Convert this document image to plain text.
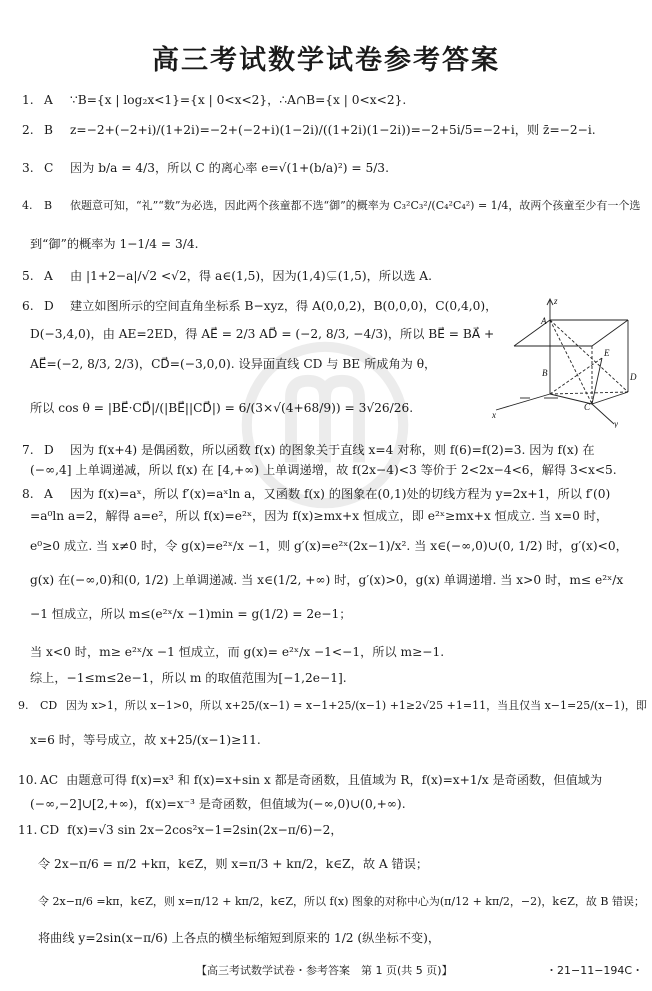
高三考试数学试卷参考答案
1. A ∵B={x | log₂x<1}={x | 0<x<2}，∴A∩B={x | 0<x<2}.
2. B z=−2+(−2+i)/(1+2i)=−2+(−2+i)(1−2i)/((1+2i)(1−2i))=−2+5i/5=−2+i，则 z̄=−2−i.
3. C 因为 b/a = 4/3，所以 C 的离心率 e=√(1+(b/a)²) = 5/3.
4. B 依题意可知，“礼”“数”为必选，因此两个孩童都不选“御”的概率为 C₃²C₃²/(C₄²C₄²) = 1/4，故两个孩童至少有一个选
到“御”的概率为 1−1/4 = 3/4.
5. A 由 |1+2−a|/√2 <√2，得 a∈(1,5)，因为(1,4)⊊(1,5)，所以选 A.
6. D 建立如图所示的空间直角坐标系 B−xyz，得 A(0,0,2)，B(0,0,0)，C(0,4,0)，
D(−3,4,0)，由 AE=2ED，得 AE⃗ = 2/3 AD⃗ = (−2, 8/3, −4/3)，所以 BE⃗ = BA⃗ +
AE⃗=(−2, 8/3, 2/3)，CD⃗=(−3,0,0). 设异面直线 CD 与 BE 所成角为 θ，
所以 cos θ = |BE⃗·CD⃗|/(|BE⃗||CD⃗|) = 6/(3×√(4+68/9)) = 3√26/26.
7. D 因为 f(x+4) 是偶函数，所以函数 f(x) 的图象关于直线 x=4 对称，则 f(6)=f(2)=3. 因为 f(x) 在
(−∞,4] 上单调递减，所以 f(x) 在 [4,+∞) 上单调递增，故 f(2x−4)<3 等价于 2<2x−4<6，解得 3<x<5.
8. A 因为 f(x)=aˣ，所以 f′(x)=aˣln a，又函数 f(x) 的图象在(0,1)处的切线方程为 y=2x+1，所以 f′(0)
=a⁰ln a=2，解得 a=e²，所以 f(x)=e²ˣ，因为 f(x)≥mx+x 恒成立，即 e²ˣ≥mx+x 恒成立. 当 x=0 时，
e⁰≥0 成立. 当 x≠0 时，令 g(x)=e²ˣ/x −1，则 g′(x)=e²ˣ(2x−1)/x². 当 x∈(−∞,0)∪(0, 1/2) 时，g′(x)<0，
g(x) 在(−∞,0)和(0, 1/2) 上单调递减. 当 x∈(1/2, +∞) 时，g′(x)>0，g(x) 单调递增. 当 x>0 时，m≤ e²ˣ/x
−1 恒成立，所以 m≤(e²ˣ/x −1)min = g(1/2) = 2e−1；
当 x<0 时，m≥ e²ˣ/x −1 恒成立，而 g(x)= e²ˣ/x −1<−1，所以 m≥−1.
综上，−1≤m≤2e−1，所以 m 的取值范围为[−1,2e−1].
9. CD 因为 x>1，所以 x−1>0，所以 x+25/(x−1) = x−1+25/(x−1) +1≥2√25 +1=11，当且仅当 x−1=25/(x−1)，即
x=6 时，等号成立，故 x+25/(x−1)≥11.
10. AC 由题意可得 f(x)=x³ 和 f(x)=x+sin x 都是奇函数，且值域为 R，f(x)=x+1/x 是奇函数，但值域为
(−∞,−2]∪[2,+∞)，f(x)=x⁻³ 是奇函数，但值域为(−∞,0)∪(0,+∞).
11. CD f(x)=√3 sin 2x−2cos²x−1=2sin(2x−π/6)−2，
令 2x−π/6 = π/2 +kπ，k∈Z，则 x=π/3 + kπ/2，k∈Z，故 A 错误；
令 2x−π/6 =kπ，k∈Z，则 x=π/12 + kπ/2，k∈Z，所以 f(x) 图象的对称中心为(π/12 + kπ/2，−2)，k∈Z，故 B 错误；
将曲线 y=2sin(x−π/6) 上各点的横坐标缩短到原来的 1/2 (纵坐标不变)，
z
A
E
B	D
C
x
y
【高三考试数学试卷・参考答案　第 1 页(共 5 页)】	・21−11−194C・
